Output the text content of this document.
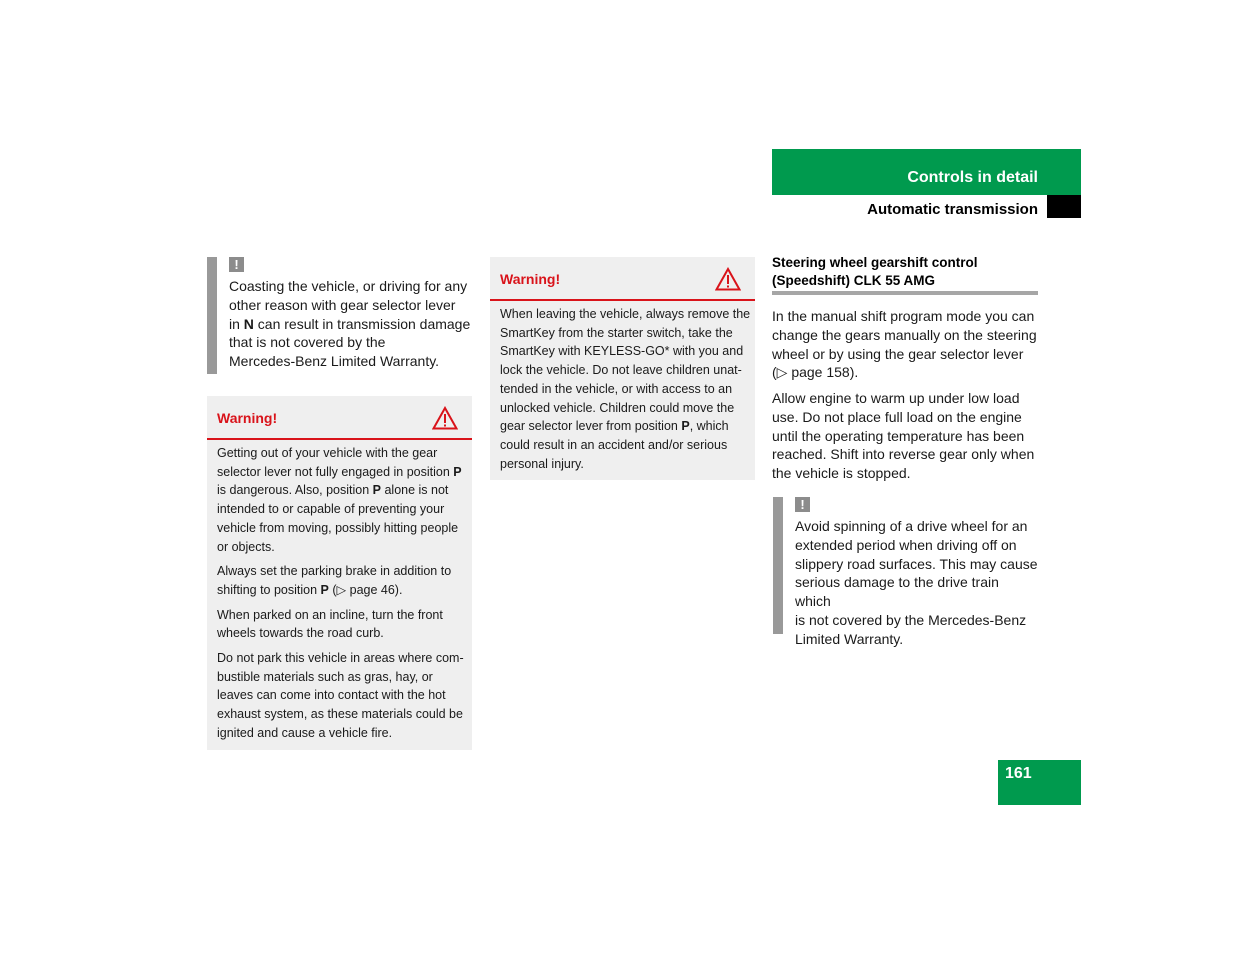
Controls in detail
Automatic transmission
!
Coasting the vehicle, or driving for any
other reason with gear selector lever
in N can result in transmission damage
that is not covered by the
Mercedes-Benz Limited Warranty.
Warning!

Getting out of your vehicle with the gear
selector lever not fully engaged in position P
is dangerous. Also, position P alone is not
intended to or capable of preventing your
vehicle from moving, possibly hitting people
or objects.

Always set the parking brake in addition to
shifting to position P (▷ page 46).

When parked on an incline, turn the front
wheels towards the road curb.

Do not park this vehicle in areas where com-
bustible materials such as gras, hay, or
leaves can come into contact with the hot
exhaust system, as these materials could be
ignited and cause a vehicle fire.

Warning!

When leaving the vehicle, always remove the
SmartKey from the starter switch, take the
SmartKey with KEYLESS-GO* with you and
lock the vehicle. Do not leave children unat-
tended in the vehicle, or with access to an
unlocked vehicle. Children could move the
gear selector lever from position P, which
could result in an accident and/or serious
personal injury.

Steering wheel gearshift control
(Speedshift) CLK 55 AMG
In the manual shift program mode you can
change the gears manually on the steering
wheel or by using the gear selector lever
(▷ page 158).
Allow engine to warm up under low load
use. Do not place full load on the engine
until the operating temperature has been
reached. Shift into reverse gear only when
the vehicle is stopped.
!
Avoid spinning of a drive wheel for an
extended period when driving off on
slippery road surfaces. This may cause
serious damage to the drive train which
is not covered by the Mercedes-Benz
Limited Warranty.
161
